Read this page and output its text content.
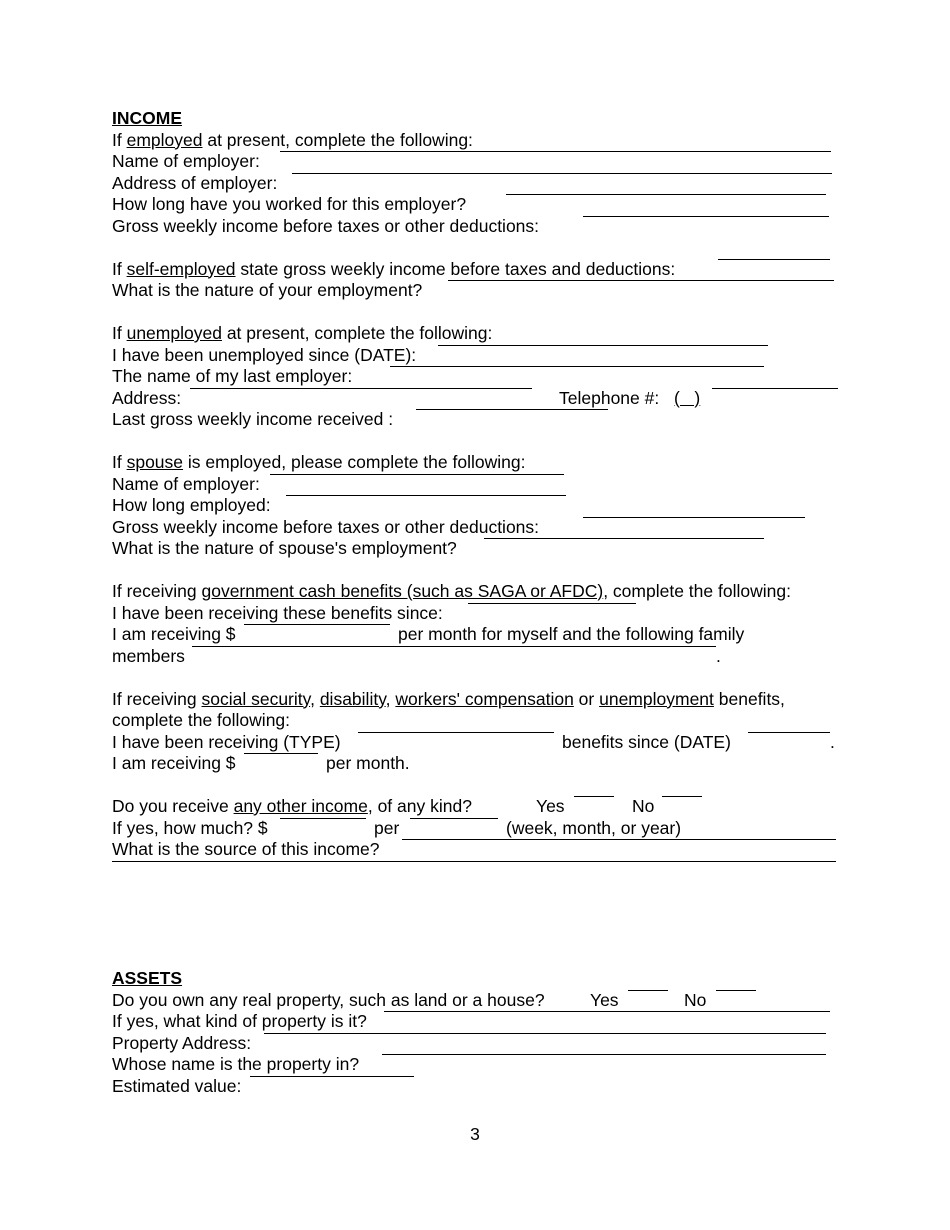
INCOME
If employed at present, complete the following:
Name of employer:
Address of employer:
How long have you worked for this employer?
Gross weekly income before taxes or other deductions:
If self-employed state gross weekly income before taxes and deductions:
What is the nature of your employment?
If unemployed at present, complete the following:
I have been unemployed since (DATE):
The name of my last employer:
Address:	Telephone #: (   )
Last gross weekly income received :
If spouse is employed, please complete the following:
Name of employer:
How long employed:
Gross weekly income before taxes or other deductions:
What is the nature of spouse's employment?
If receiving government cash benefits (such as SAGA or AFDC), complete the following:
I have been receiving these benefits since:
I am receiving $	per month for myself and the following family
members	.
If receiving social security, disability, workers' compensation or unemployment benefits,
complete the following:
I have been receiving (TYPE)	benefits since (DATE)	.
I am receiving $	per month.
Do you receive any other income, of any kind?	Yes	No
If yes, how much? $	per	(week, month, or year)
What is the source of this income?
ASSETS
Do you own any real property, such as land or a house?	Yes	No
If yes, what kind of property is it?
Property Address:
Whose name is the property in?
Estimated value:
3
